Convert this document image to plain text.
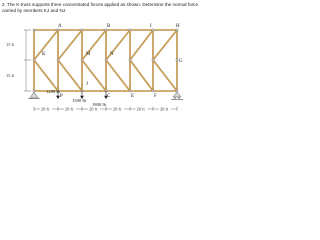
2. The K-truss supports three concentrated forces applied as shown. Determine the normal force carried by members KJ and NJ.

15 ft
15 ft
A	B	I	H
K	M	N
G
P	C	E	F
J
1200 lb
1500 lb
1800 lb
20 ft	20 ft	20 ft	20 ft	20 ft	20 ft
